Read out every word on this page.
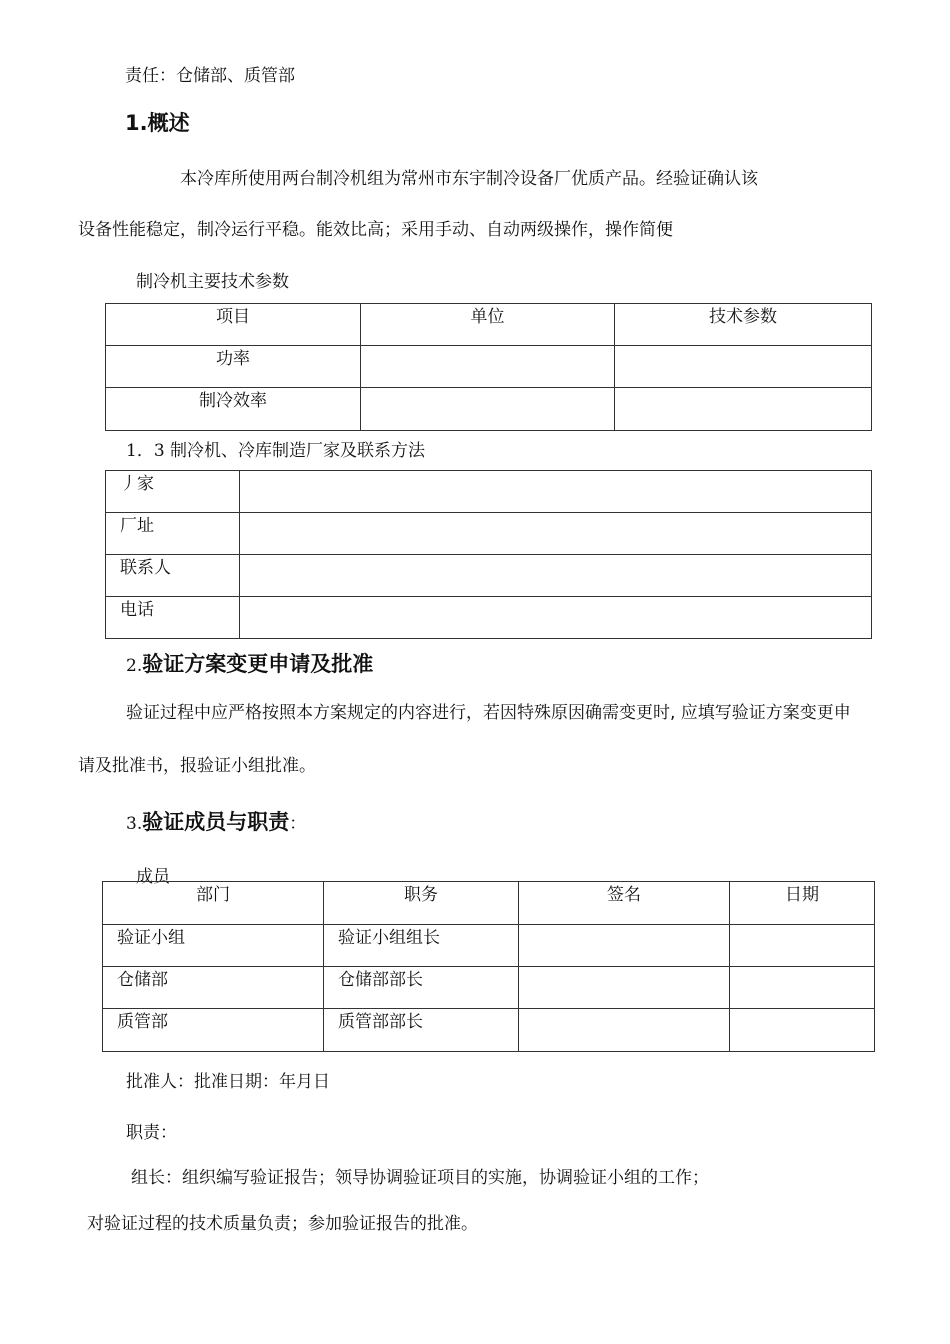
责任：仓储部、质管部
1.概述
本冷库所使用两台制冷机组为常州市东宇制冷设备厂优质产品。经验证确认该
设备性能稳定，制冷运行平稳。能效比高；采用手动、自动两级操作，操作简便
制冷机主要技术参数
项目	单位	技术参数
功率		
制冷效率		
1．3 制冷机、冷库制造厂家及联系方法
丿家	
厂址	
联系人	
电话	
2.验证方案变更申请及批准
验证过程中应严格按照本方案规定的内容进行，若因特殊原因确需变更时, 应填写验证方案变更申
请及批准书，报验证小组批准。
3.验证成员与职责：
成员
部门	职务	签名	日期
验证小组	验证小组组长		
仓储部	仓储部部长		
质管部	质管部部长		
批准人：批准日期：年月日
职责：
组长：组织编写验证报告；领导协调验证项目的实施，协调验证小组的工作；
对验证过程的技术质量负责；参加验证报告的批准。
